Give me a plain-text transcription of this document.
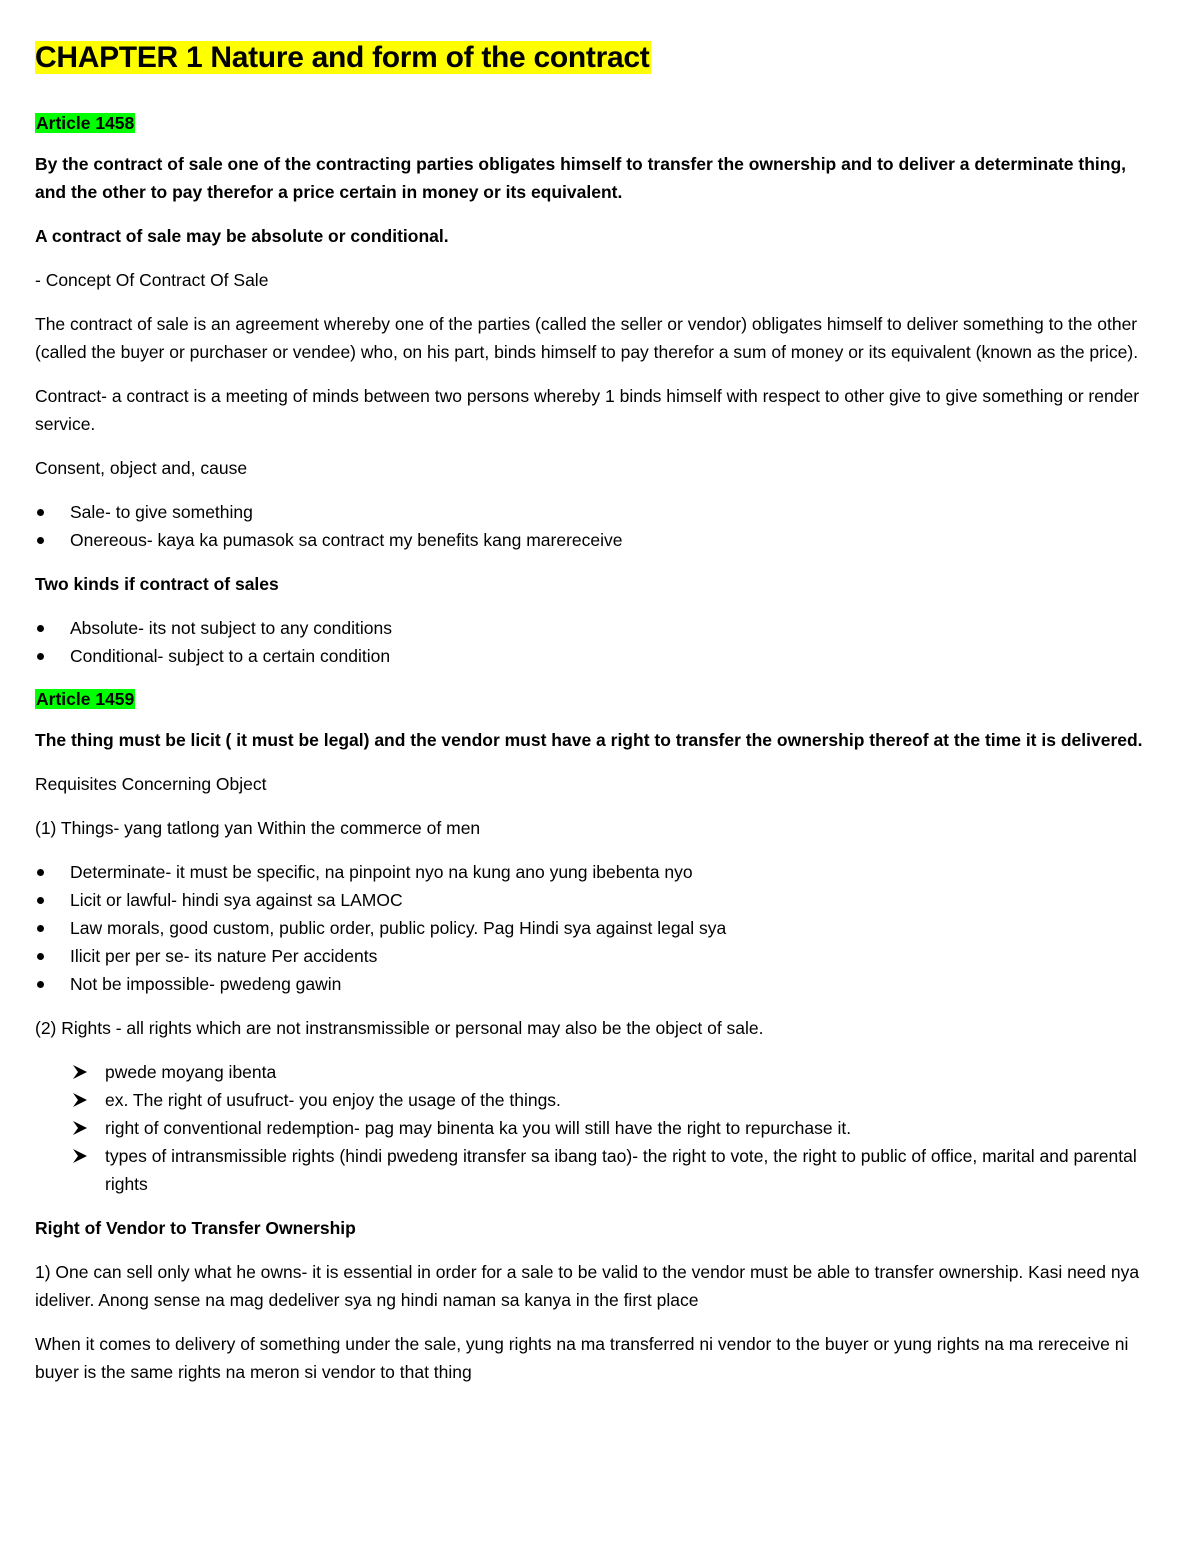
CHAPTER 1 Nature and form of the contract
Article 1458

By the contract of sale one of the contracting parties obligates himself to transfer the ownership and to deliver a determinate thing, and the other to pay therefor a price certain in money or its equivalent.

A contract of sale may be absolute or conditional.

- Concept Of Contract Of Sale

The contract of sale is an agreement whereby one of the parties (called the seller or vendor) obligates himself to deliver something to the other (called the buyer or purchaser or vendee) who, on his part, binds himself to pay therefor a sum of money or its equivalent (known as the price).

Contract- a contract is a meeting of minds between two persons whereby 1 binds himself with respect to other give to give something or render service.

Consent, object and, cause

Sale- to give something
Onereous- kaya ka pumasok sa contract my benefits kang marereceive

Two kinds if contract of sales

Absolute- its not subject to any conditions
Conditional- subject to a certain condition
Article 1459

The thing must be licit ( it must be legal) and the vendor must have a right to transfer the ownership thereof at the time it is delivered.

Requisites Concerning Object

(1) Things- yang tatlong yan Within the commerce of men

Determinate- it must be specific, na pinpoint nyo na kung ano yung ibebenta nyo
Licit or lawful- hindi sya against sa LAMOC
Law morals, good custom, public order, public policy. Pag Hindi sya against legal sya
Ilicit per per se- its nature Per accidents
Not be impossible- pwedeng gawin

(2) Rights - all rights which are not instransmissible or personal may also be the object of sale.

pwede moyang ibenta
ex. The right of usufruct- you enjoy the usage of the things.
right of conventional redemption- pag may binenta ka you will still have the right to repurchase it.
types of intransmissible rights (hindi pwedeng itransfer sa ibang tao)- the right to vote, the right to public of office, marital and parental rights

Right of Vendor to Transfer Ownership

1) One can sell only what he owns- it is essential in order for a sale to be valid to the vendor must be able to transfer ownership. Kasi need nya ideliver. Anong sense na mag dedeliver sya ng hindi naman sa kanya in the first place

When it comes to delivery of something under the sale, yung rights na ma transferred ni vendor to the buyer or yung rights na ma rereceive ni buyer is the same rights na meron si vendor to that thing
